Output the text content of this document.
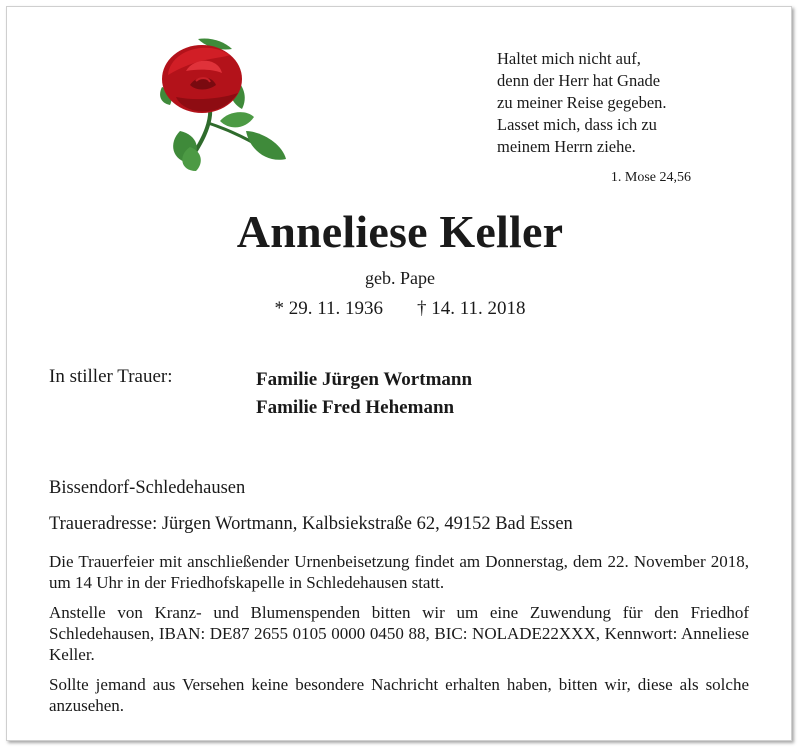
Haltet mich nicht auf,
denn der Herr hat Gnade
zu meiner Reise gegeben.
Lasset mich, dass ich zu
meinem Herrn ziehe.
1. Mose 24,56
Anneliese Keller
geb. Pape
* 29. 11. 1936 † 14. 11. 2018
In stiller Trauer:	Familie Jürgen Wortmann
Familie Fred Hehemann
Bissendorf-Schledehausen
Traueradresse: Jürgen Wortmann, Kalbsiekstraße 62, 49152 Bad Essen
Die Trauerfeier mit anschließender Urnenbeisetzung findet am Donnerstag, dem 22. November 2018, um 14 Uhr in der Friedhofskapelle in Schledehausen statt.
Anstelle von Kranz- und Blumenspenden bitten wir um eine Zuwendung für den Friedhof Schledehausen, IBAN: DE87 2655 0105 0000 0450 88, BIC: NOLADE22XXX, Kennwort: Anneliese Keller.
Sollte jemand aus Versehen keine besondere Nachricht erhalten haben, bitten wir, diese als solche anzusehen.
